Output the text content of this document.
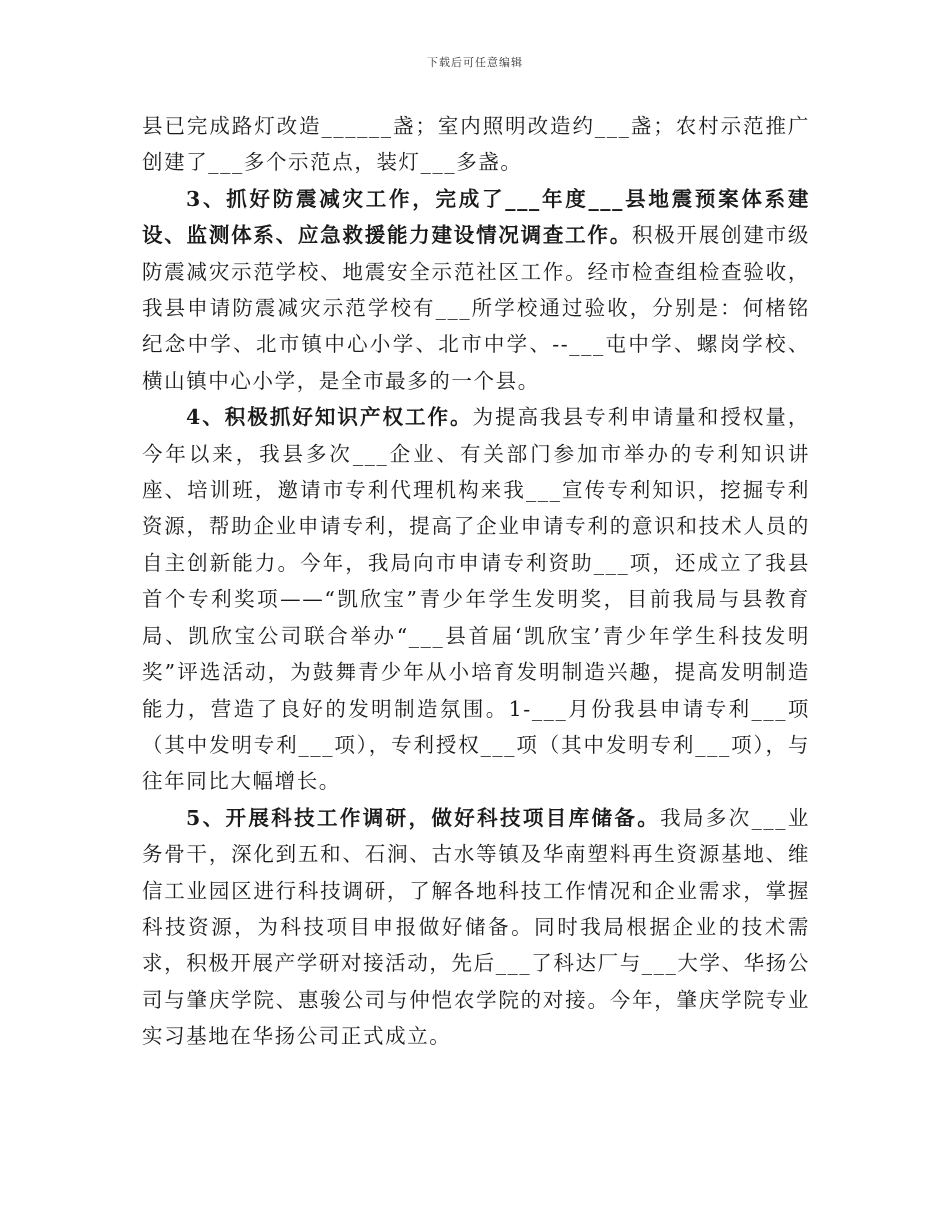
下载后可任意编辑

县已完成路灯改造______盏；室内照明改造约___盏；农村示范推广创建了___多个示范点，装灯___多盏。

3、抓好防震减灾工作，完成了___年度___县地震预案体系建设、监测体系、应急救援能力建设情况调查工作。积极开展创建市级防震减灾示范学校、地震安全示范社区工作。经市检查组检查验收，我县申请防震减灾示范学校有___所学校通过验收，分别是：何楮铭纪念中学、北市镇中心小学、北市中学、--___屯中学、螺岗学校、横山镇中心小学，是全市最多的一个县。

4、积极抓好知识产权工作。为提高我县专利申请量和授权量，今年以来，我县多次___企业、有关部门参加市举办的专利知识讲座、培训班，邀请市专利代理机构来我___宣传专利知识，挖掘专利资源，帮助企业申请专利，提高了企业申请专利的意识和技术人员的自主创新能力。今年，我局向市申请专利资助___项，还成立了我县首个专利奖项——“凯欣宝”青少年学生发明奖，目前我局与县教育局、凯欣宝公司联合举办“___县首届‘凯欣宝’青少年学生科技发明奖”评选活动，为鼓舞青少年从小培育发明制造兴趣，提高发明制造能力，营造了良好的发明制造氛围。1-___月份我县申请专利___项（其中发明专利___项），专利授权___项（其中发明专利___项），与往年同比大幅增长。

5、开展科技工作调研，做好科技项目库储备。我局多次___业务骨干，深化到五和、石涧、古水等镇及华南塑料再生资源基地、维信工业园区进行科技调研，了解各地科技工作情况和企业需求，掌握科技资源，为科技项目申报做好储备。同时我局根据企业的技术需求，积极开展产学研对接活动，先后___了科达厂与___大学、华扬公司与肇庆学院、惠骏公司与仲恺农学院的对接。今年，肇庆学院专业实习基地在华扬公司正式成立。
